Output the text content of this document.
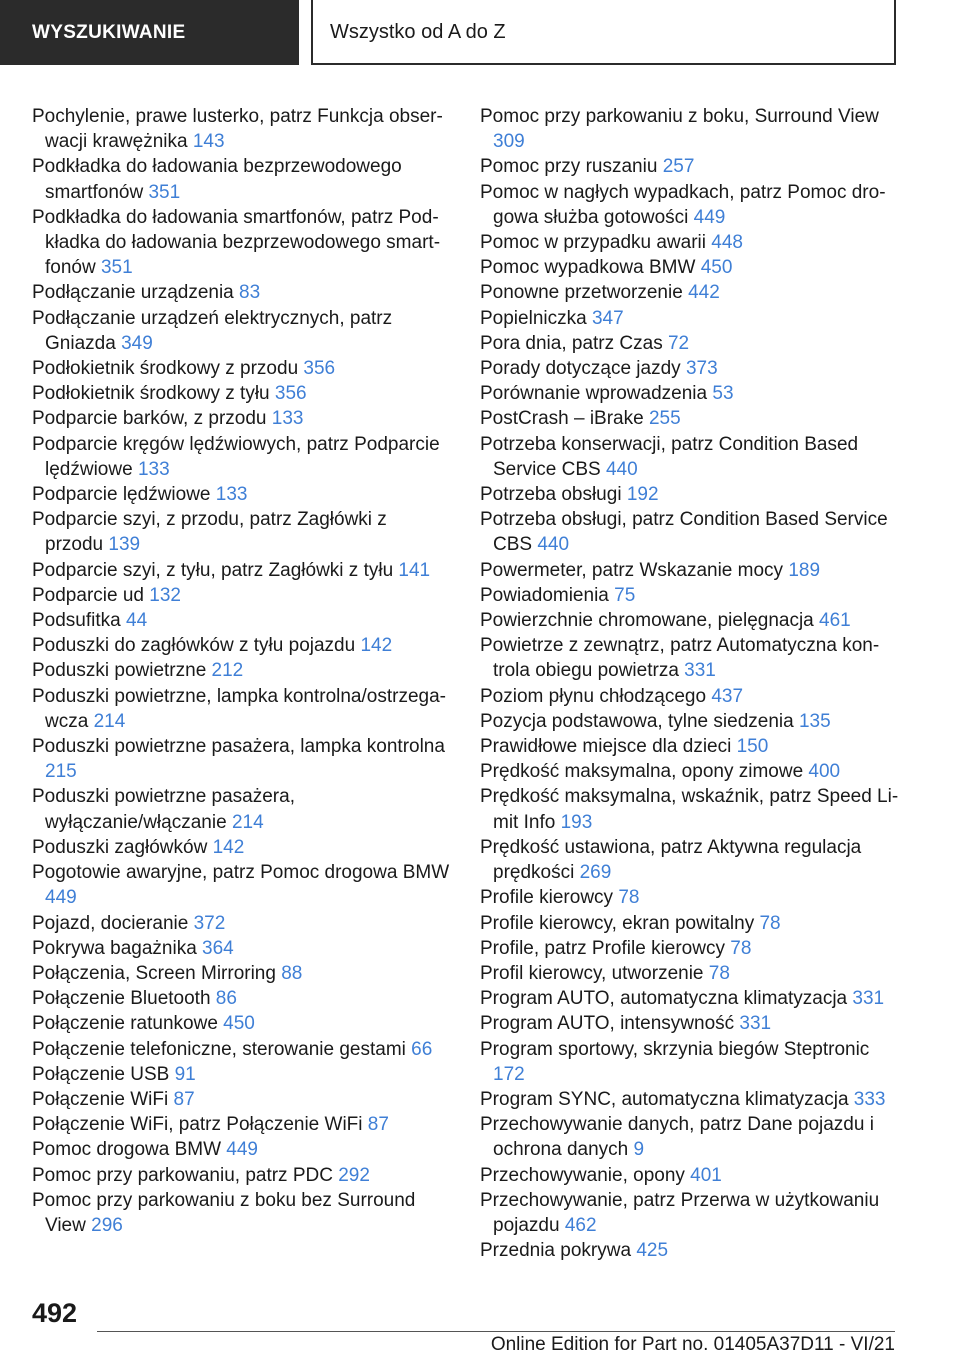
WYSZUKIWANIE	Wszystko od A do Z

Pochylenie, prawe lusterko, patrz Funkcja obserwacji krawężnika 143

Podkładka do ładowania bezprzewodowego smartfonów 351

Podkładka do ładowania smartfonów, patrz Podkładka do ładowania bezprzewodowego smartfonów 351

Podłączanie urządzenia 83

Podłączanie urządzeń elektrycznych, patrz Gniazda 349

Podłokietnik środkowy z przodu 356

Podłokietnik środkowy z tyłu 356

Podparcie barków, z przodu 133

Podparcie kręgów lędźwiowych, patrz Podparcie lędźwiowe 133

Podparcie lędźwiowe 133

Podparcie szyi, z przodu, patrz Zagłówki z przodu 139

Podparcie szyi, z tyłu, patrz Zagłówki z tyłu 141

Podparcie ud 132

Podsufitka 44

Poduszki do zagłówków z tyłu pojazdu 142

Poduszki powietrzne 212

Poduszki powietrzne, lampka kontrolna/ostrzegawcza 214

Poduszki powietrzne pasażera, lampka kontrolna 215

Poduszki powietrzne pasażera, wyłączanie/włączanie 214

Poduszki zagłówków 142

Pogotowie awaryjne, patrz Pomoc drogowa BMW 449

Pojazd, docieranie 372

Pokrywa bagażnika 364

Połączenia, Screen Mirroring 88

Połączenie Bluetooth 86

Połączenie ratunkowe 450

Połączenie telefoniczne, sterowanie gestami 66

Połączenie USB 91

Połączenie WiFi 87

Połączenie WiFi, patrz Połączenie WiFi 87

Pomoc drogowa BMW 449

Pomoc przy parkowaniu, patrz PDC 292

Pomoc przy parkowaniu z boku bez Surround View 296

Pomoc przy parkowaniu z boku, Surround View 309

Pomoc przy ruszaniu 257

Pomoc w nagłych wypadkach, patrz Pomoc drogowa służba gotowości 449

Pomoc w przypadku awarii 448

Pomoc wypadkowa BMW 450

Ponowne przetworzenie 442

Popielniczka 347

Pora dnia, patrz Czas 72

Porady dotyczące jazdy 373

Porównanie wprowadzenia 53

PostCrash – iBrake 255

Potrzeba konserwacji, patrz Condition Based Service CBS 440

Potrzeba obsługi 192

Potrzeba obsługi, patrz Condition Based Service CBS 440

Powermeter, patrz Wskazanie mocy 189

Powiadomienia 75

Powierzchnie chromowane, pielęgnacja 461

Powietrze z zewnątrz, patrz Automatyczna kontrola obiegu powietrza 331

Poziom płynu chłodzącego 437

Pozycja podstawowa, tylne siedzenia 135

Prawidłowe miejsce dla dzieci 150

Prędkość maksymalna, opony zimowe 400

Prędkość maksymalna, wskaźnik, patrz Speed Limit Info 193

Prędkość ustawiona, patrz Aktywna regulacja prędkości 269

Profile kierowcy 78

Profile kierowcy, ekran powitalny 78

Profile, patrz Profile kierowcy 78

Profil kierowcy, utworzenie 78

Program AUTO, automatyczna klimatyzacja 331

Program AUTO, intensywność 331

Program sportowy, skrzynia biegów Steptronic 172

Program SYNC, automatyczna klimatyzacja 333

Przechowywanie danych, patrz Dane pojazdu i ochrona danych 9

Przechowywanie, opony 401

Przechowywanie, patrz Przerwa w użytkowaniu pojazdu 462

Przednia pokrywa 425

492
Online Edition for Part no. 01405A37D11 - VI/21
